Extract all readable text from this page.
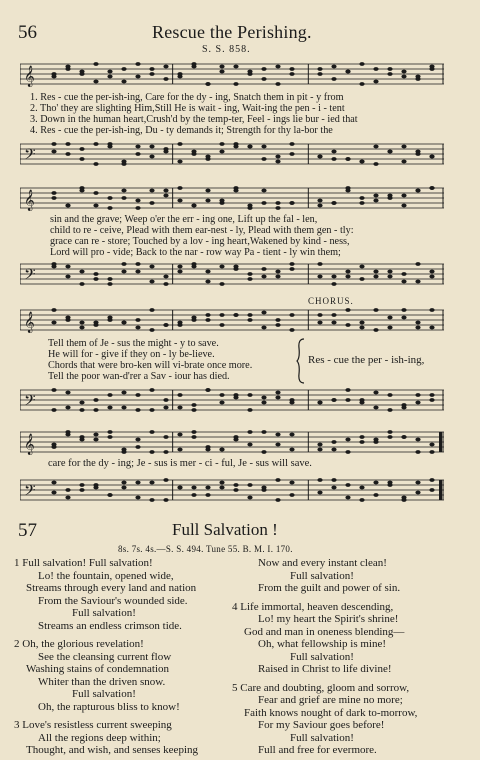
56	Rescue the Perishing.
S. S. 858.
𝄞
1. Res - cue the per-ish-ing, Care for the dy - ing, Snatch them in pit - y from
2. Tho' they are slighting Him,Still He is wait - ing, Wait-ing the pen - i - tent
3. Down in the human heart,Crush'd by the temp-ter, Feel - ings lie bur - ied that
4. Res - cue the per-ish-ing, Du - ty demands it; Strength for thy la-bor the
𝄢
𝄞
sin and the grave; Weep o'er the err - ing one, Lift up the fal - len,
child to re - ceive, Plead with them ear-nest - ly, Plead with them gen - tly:
grace can re - store; Touched by a lov - ing heart,Wakened by kind - ness,
Lord will pro - vide; Back to the nar - row way Pa - tient - ly win them;
𝄢
CHORUS.
𝄞
Tell them of Je - sus the might - y to save.
He will for - give if they on - ly be-lieve.
Chords that were bro-ken will vi-brate once more.
Tell the poor wan-d'rer a Sav - iour has died.
Res - cue the per - ish-ing,
𝄢
𝄞
care for the dy - ing; Je - sus is mer - ci - ful, Je - sus will save.
𝄢
57	Full Salvation !
8s. 7s. 4s.—S. S. 494. Tune 55. B. M. I. 170.
1 Full salvation! Full salvation!
Lo! the fountain, opened wide,
Streams through every land and nation
From the Saviour's wounded side.
Full salvation!
Streams an endless crimson tide.
2 Oh, the glorious revelation!
See the cleansing current flow
Washing stains of condemnation
Whiter than the driven snow.
Full salvation!
Oh, the rapturous bliss to know!
3 Love's resistless current sweeping
All the regions deep within;
Thought, and wish, and senses keeping
Now and every instant clean!
Full salvation!
From the guilt and power of sin.
4 Life immortal, heaven descending,
Lo! my heart the Spirit's shrine!
God and man in oneness blending—
Oh, what fellowship is mine!
Full salvation!
Raised in Christ to life divine!
5 Care and doubting, gloom and sorrow,
Fear and grief are mine no more;
Faith knows nought of dark to-morrow,
For my Saviour goes before!
Full salvation!
Full and free for evermore.
